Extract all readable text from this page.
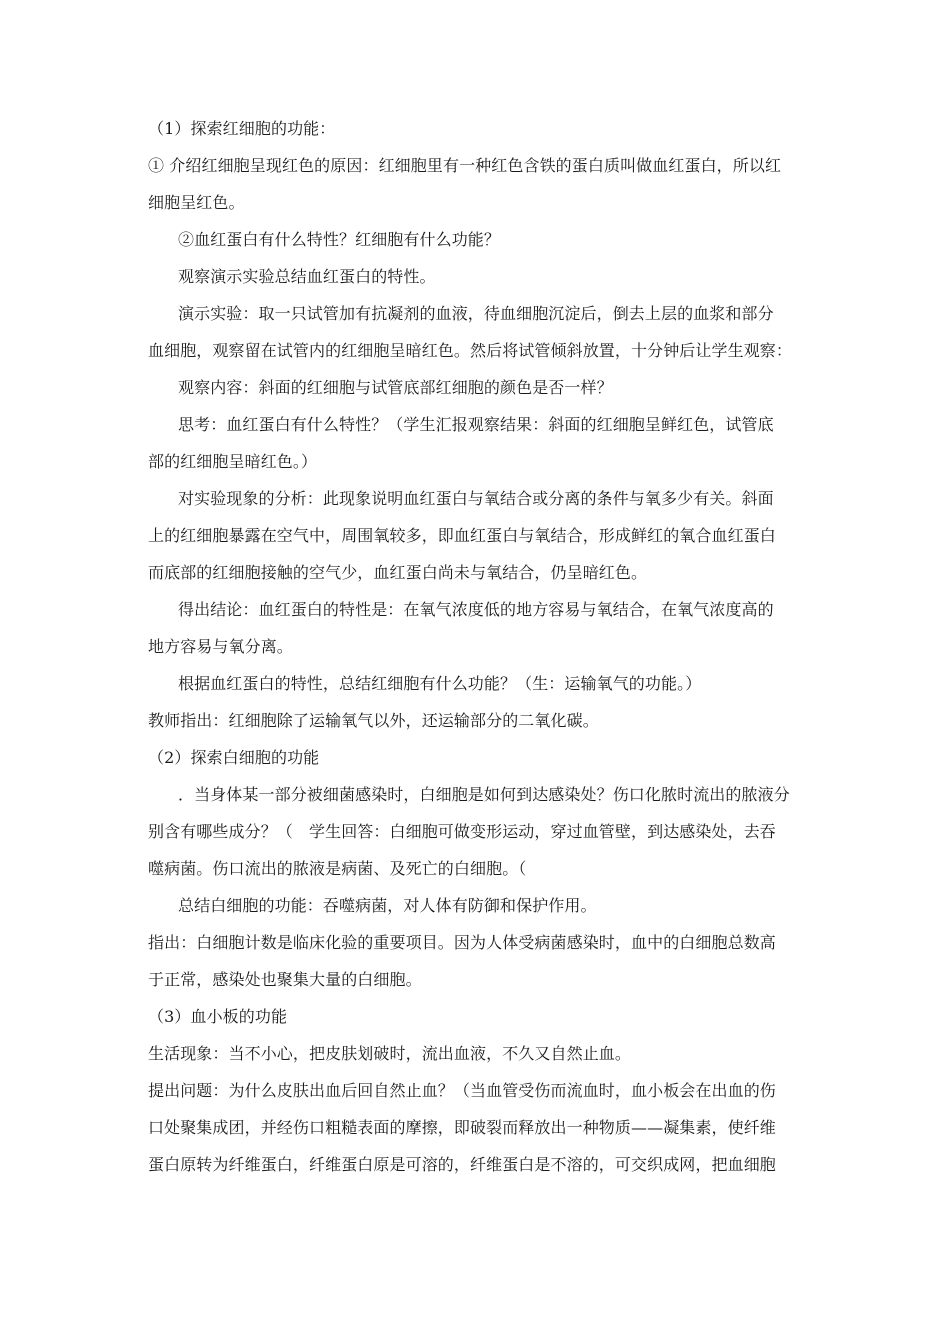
（1）探索红细胞的功能：

① 介绍红细胞呈现红色的原因：红细胞里有一种红色含铁的蛋白质叫做血红蛋白，所以红

细胞呈红色。

②血红蛋白有什么特性？红细胞有什么功能？

观察演示实验总结血红蛋白的特性。

演示实验：取一只试管加有抗凝剂的血液，待血细胞沉淀后，倒去上层的血浆和部分

血细胞，观察留在试管内的红细胞呈暗红色。然后将试管倾斜放置，十分钟后让学生观察：

观察内容：斜面的红细胞与试管底部红细胞的颜色是否一样？

思考：血红蛋白有什么特性？（学生汇报观察结果：斜面的红细胞呈鲜红色，试管底

部的红细胞呈暗红色。）

对实验现象的分析：此现象说明血红蛋白与氧结合或分离的条件与氧多少有关。斜面

上的红细胞暴露在空气中，周围氧较多，即血红蛋白与氧结合，形成鲜红的氧合血红蛋白

而底部的红细胞接触的空气少，血红蛋白尚未与氧结合，仍呈暗红色。

得出结论：血红蛋白的特性是：在氧气浓度低的地方容易与氧结合，在氧气浓度高的

地方容易与氧分离。

根据血红蛋白的特性，总结红细胞有什么功能？（生：运输氧气的功能。）

教师指出：红细胞除了运输氧气以外，还运输部分的二氧化碳。

（2）探索白细胞的功能

．当身体某一部分被细菌感染时，白细胞是如何到达感染处？伤口化脓时流出的脓液分

别含有哪些成分？（　学生回答：白细胞可做变形运动，穿过血管壁，到达感染处，去吞

噬病菌。伤口流出的脓液是病菌、及死亡的白细胞。（

总结白细胞的功能：吞噬病菌，对人体有防御和保护作用。

指出：白细胞计数是临床化验的重要项目。因为人体受病菌感染时，血中的白细胞总数高

于正常，感染处也聚集大量的白细胞。

（3）血小板的功能

生活现象：当不小心，把皮肤划破时，流出血液，不久又自然止血。

提出问题：为什么皮肤出血后回自然止血？（当血管受伤而流血时，血小板会在出血的伤

口处聚集成团，并经伤口粗糙表面的摩擦，即破裂而释放出一种物质——凝集素，使纤维

蛋白原转为纤维蛋白，纤维蛋白原是可溶的，纤维蛋白是不溶的，可交织成网，把血细胞
